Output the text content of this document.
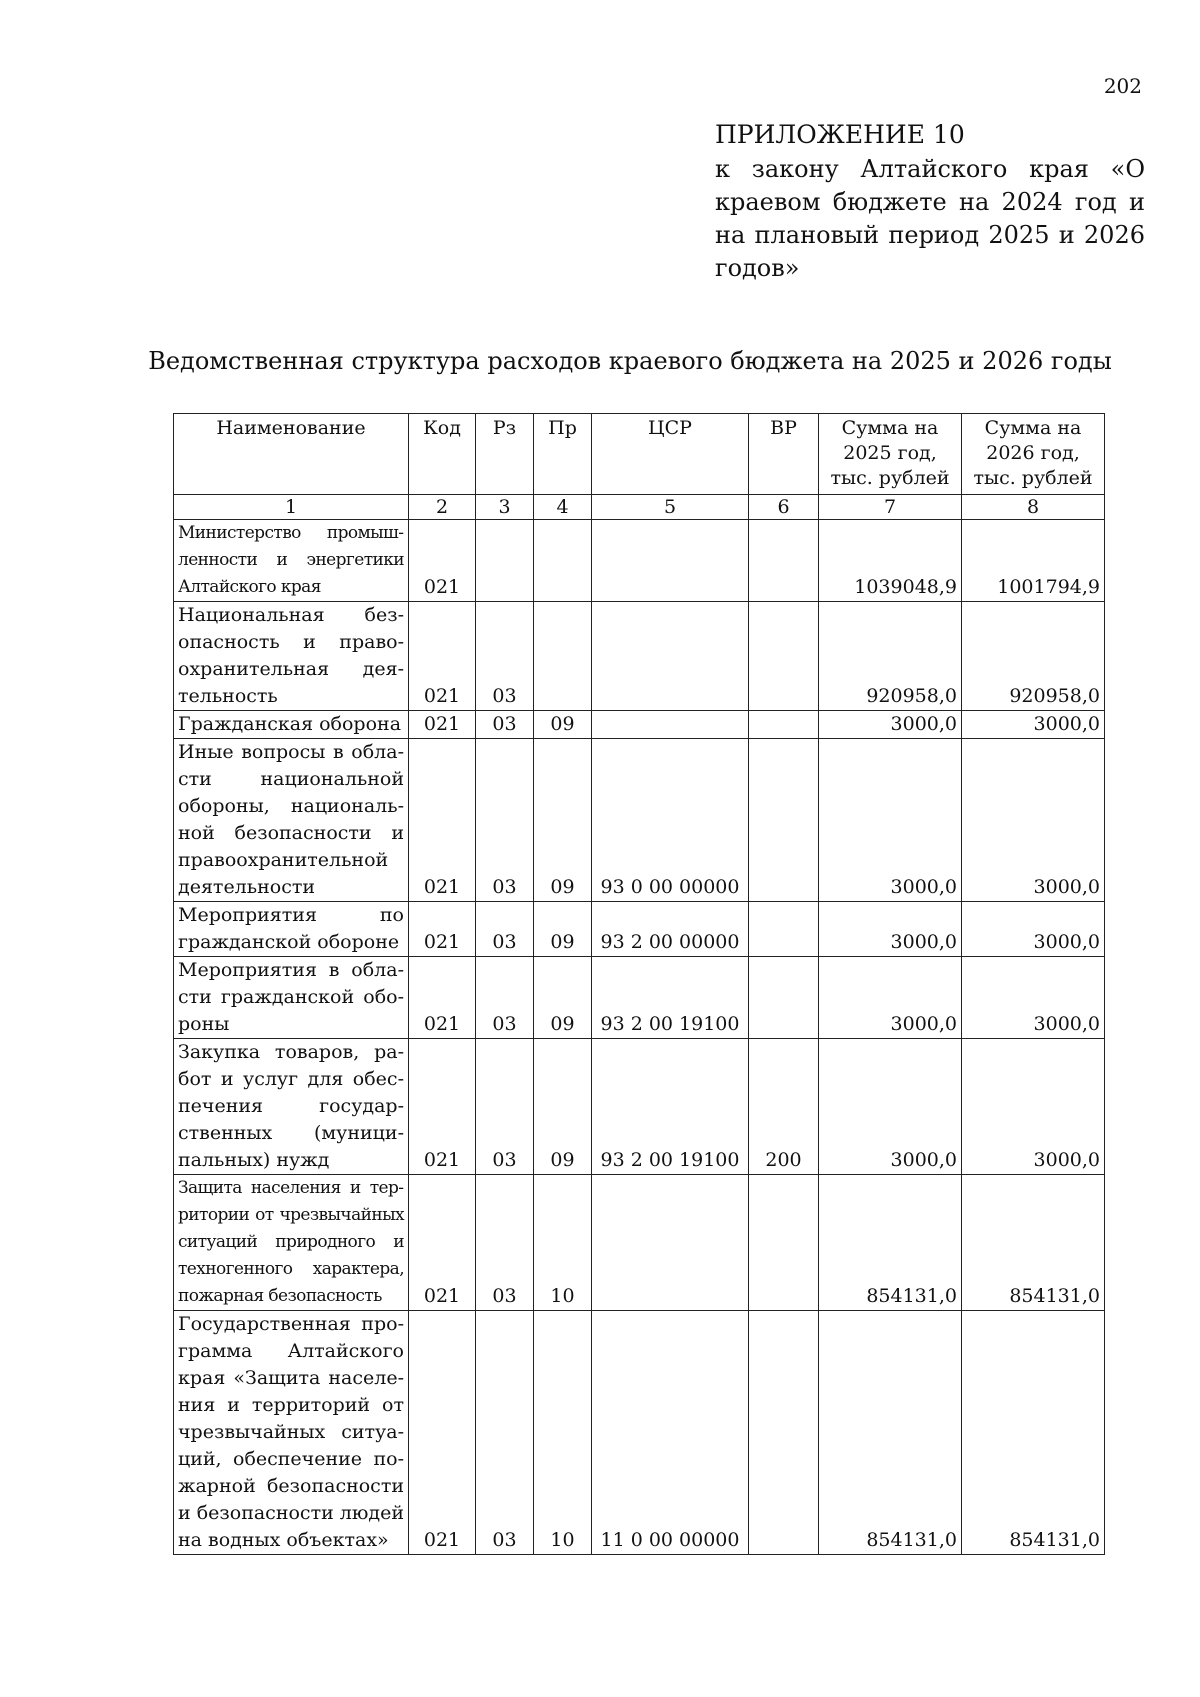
202
ПРИЛОЖЕНИЕ 10
к закону Алтайского края «О краевом бюджете на 2024 год и на плановый период 2025 и 2026 годов»
Ведомственная структура расходов краевого бюджета на 2025 и 2026 годы
Наименование	Код	Рз	Пр	ЦСР	ВР	Сумма на 2025 год, тыс. рублей	Сумма на 2026 год, тыс. рублей
1	2	3	4	5	6	7	8
Министерство промышленности и энергетики Алтайского края	021					1039048,9	1001794,9
Национальная безопасность и правоохранительная деятельность	021	03				920958,0	920958,0
Гражданская оборона	021	03	09			3000,0	3000,0
Иные вопросы в области национальной обороны, национальной безопасности и правоохранительной деятельности	021	03	09	93 0 00 00000		3000,0	3000,0
Мероприятия по гражданской обороне	021	03	09	93 2 00 00000		3000,0	3000,0
Мероприятия в области гражданской обороны	021	03	09	93 2 00 19100		3000,0	3000,0
Закупка товаров, работ и услуг для обеспечения государственных (муниципальных) нужд	021	03	09	93 2 00 19100	200	3000,0	3000,0
Защита населения и территории от чрезвычайных ситуаций природного и техногенного характера, пожарная безопасность	021	03	10			854131,0	854131,0
Государственная программа Алтайского края «Защита населения и территорий от чрезвычайных ситуаций, обеспечение пожарной безопасности и безопасности людей на водных объектах»	021	03	10	11 0 00 00000		854131,0	854131,0
